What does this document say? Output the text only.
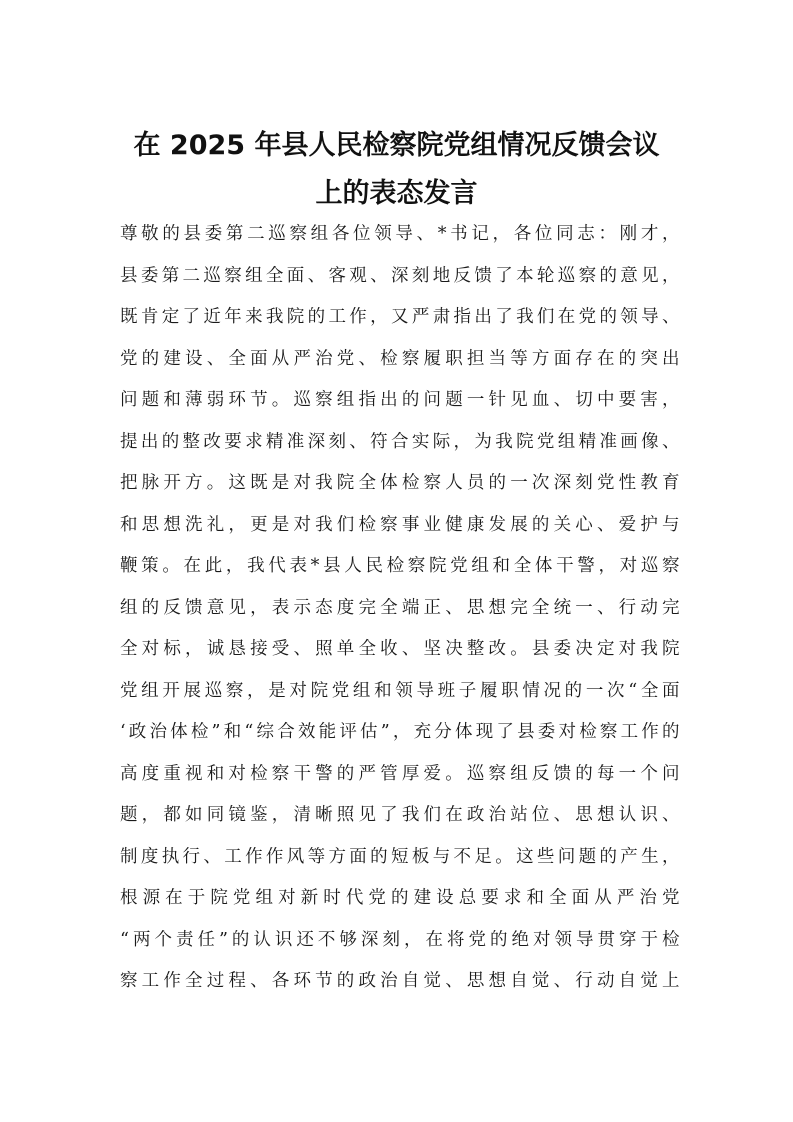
在 2025 年县人民检察院党组情况反馈会议
上的表态发言
尊敬的县委第二巡察组各位领导、*书记，各位同志：刚才，
县委第二巡察组全面、客观、深刻地反馈了本轮巡察的意见，
既肯定了近年来我院的工作，又严肃指出了我们在党的领导、
党的建设、全面从严治党、检察履职担当等方面存在的突出
问题和薄弱环节。巡察组指出的问题一针见血、切中要害，
提出的整改要求精准深刻、符合实际，为我院党组精准画像、
把脉开方。这既是对我院全体检察人员的一次深刻党性教育
和思想洗礼，更是对我们检察事业健康发展的关心、爱护与
鞭策。在此，我代表*县人民检察院党组和全体干警，对巡察
组的反馈意见，表示态度完全端正、思想完全统一、行动完
全对标，诚恳接受、照单全收、坚决整改。县委决定对我院
党组开展巡察，是对院党组和领导班子履职情况的一次“全面
‘政治体检”和“综合效能评估”，充分体现了县委对检察工作的
高度重视和对检察干警的严管厚爱。巡察组反馈的每一个问
题，都如同镜鉴，清晰照见了我们在政治站位、思想认识、
制度执行、工作作风等方面的短板与不足。这些问题的产生，
根源在于院党组对新时代党的建设总要求和全面从严治党
“两个责任”的认识还不够深刻，在将党的绝对领导贯穿于检
察工作全过程、各环节的政治自觉、思想自觉、行动自觉上
